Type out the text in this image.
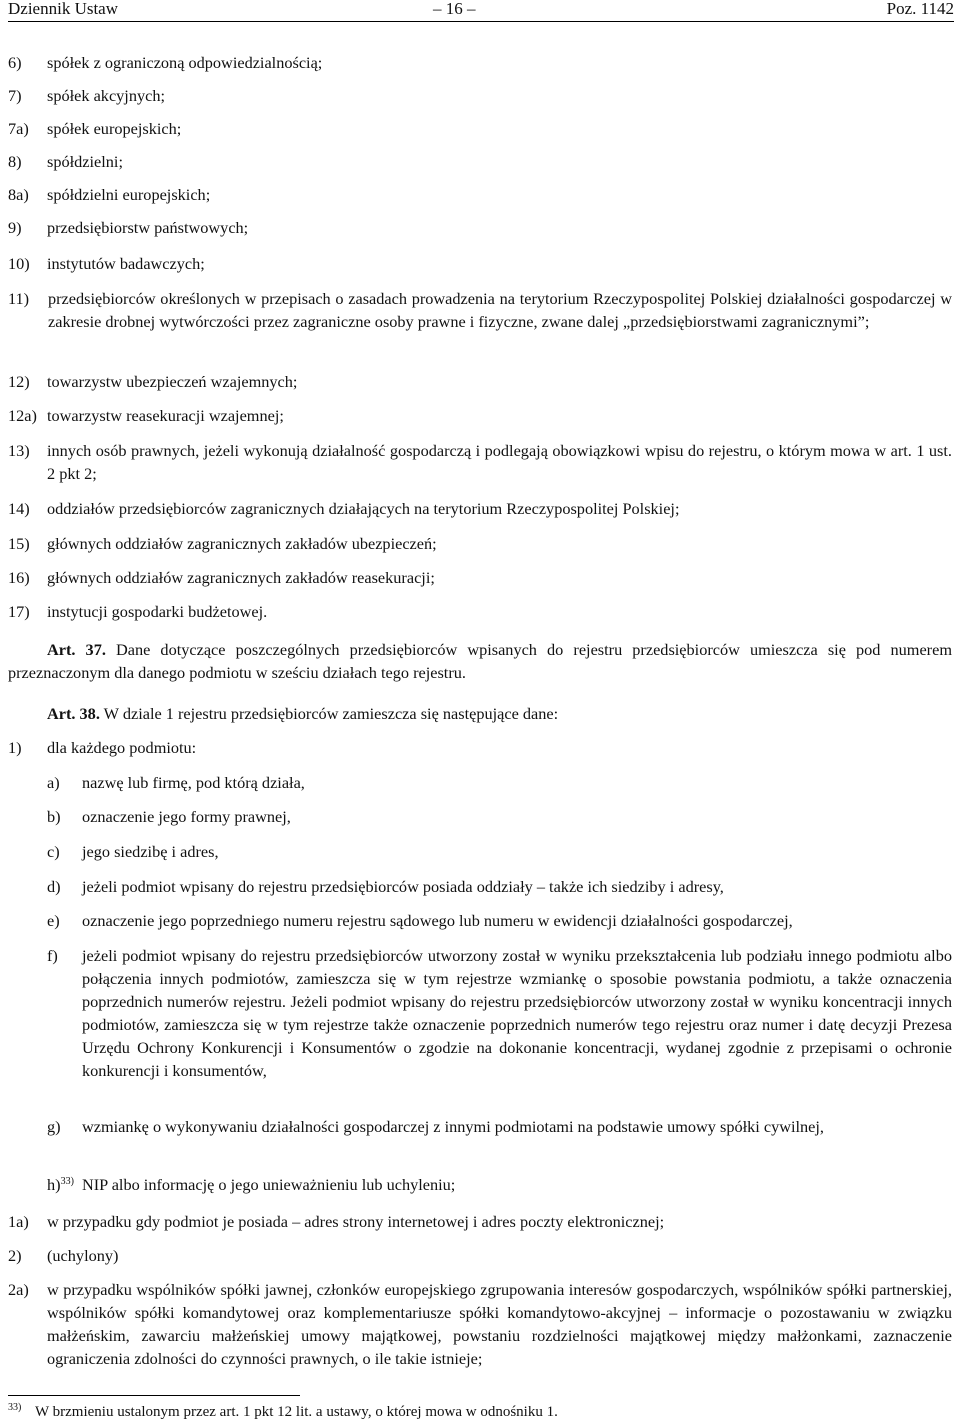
Dziennik Ustaw	– 16 –	Poz. 1142
6) spółek z ograniczoną odpowiedzialnością;
7) spółek akcyjnych;
7a) spółek europejskich;
8) spółdzielni;
8a) spółdzielni europejskich;
9) przedsiębiorstw państwowych;
10) instytutów badawczych;
11) przedsiębiorców określonych w przepisach o zasadach prowadzenia na terytorium Rzeczypospolitej Polskiej działalności gospodarczej w zakresie drobnej wytwórczości przez zagraniczne osoby prawne i fizyczne, zwane dalej „przedsiębiorstwami zagranicznymi”;
12) towarzystw ubezpieczeń wzajemnych;
12a) towarzystw reasekuracji wzajemnej;
13) innych osób prawnych, jeżeli wykonują działalność gospodarczą i podlegają obowiązkowi wpisu do rejestru, o którym mowa w art. 1 ust. 2 pkt 2;
14) oddziałów przedsiębiorców zagranicznych działających na terytorium Rzeczypospolitej Polskiej;
15) głównych oddziałów zagranicznych zakładów ubezpieczeń;
16) głównych oddziałów zagranicznych zakładów reasekuracji;
17) instytucji gospodarki budżetowej.
Art. 37. Dane dotyczące poszczególnych przedsiębiorców wpisanych do rejestru przedsiębiorców umieszcza się pod numerem przeznaczonym dla danego podmiotu w sześciu działach tego rejestru.
Art. 38. W dziale 1 rejestru przedsiębiorców zamieszcza się następujące dane:
1) dla każdego podmiotu:
a) nazwę lub firmę, pod którą działa,
b) oznaczenie jego formy prawnej,
c) jego siedzibę i adres,
d) jeżeli podmiot wpisany do rejestru przedsiębiorców posiada oddziały – także ich siedziby i adresy,
e) oznaczenie jego poprzedniego numeru rejestru sądowego lub numeru w ewidencji działalności gospodarczej,
f) jeżeli podmiot wpisany do rejestru przedsiębiorców utworzony został w wyniku przekształcenia lub podziału innego podmiotu albo połączenia innych podmiotów, zamieszcza się w tym rejestrze wzmiankę o sposobie powstania podmiotu, a także oznaczenia poprzednich numerów rejestru. Jeżeli podmiot wpisany do rejestru przedsiębiorców utworzony został w wyniku koncentracji innych podmiotów, zamieszcza się w tym rejestrze także oznaczenie poprzednich numerów tego rejestru oraz numer i datę decyzji Prezesa Urzędu Ochrony Konkurencji i Konsumentów o zgodzie na dokonanie koncentracji, wydanej zgodnie z przepisami o ochronie konkurencji i konsumentów,
g) wzmiankę o wykonywaniu działalności gospodarczej z innymi podmiotami na podstawie umowy spółki cywilnej,
h)$^{33)}$ NIP albo informację o jego unieważnieniu lub uchyleniu;
1a) w przypadku gdy podmiot je posiada – adres strony internetowej i adres poczty elektronicznej;
2) (uchylony)
2a) w przypadku wspólników spółki jawnej, członków europejskiego zgrupowania interesów gospodarczych, wspólników spółki partnerskiej, wspólników spółki komandytowej oraz komplementariusze spółki komandytowo-akcyjnej – informacje o pozostawaniu w związku małżeńskim, zawarciu małżeńskiej umowy majątkowej, powstaniu rozdzielności majątkowej między małżonkami, zaznaczenie ograniczenia zdolności do czynności prawnych, o ile takie istnieje;
33) W brzmieniu ustalonym przez art. 1 pkt 12 lit. a ustawy, o której mowa w odnośniku 1.
